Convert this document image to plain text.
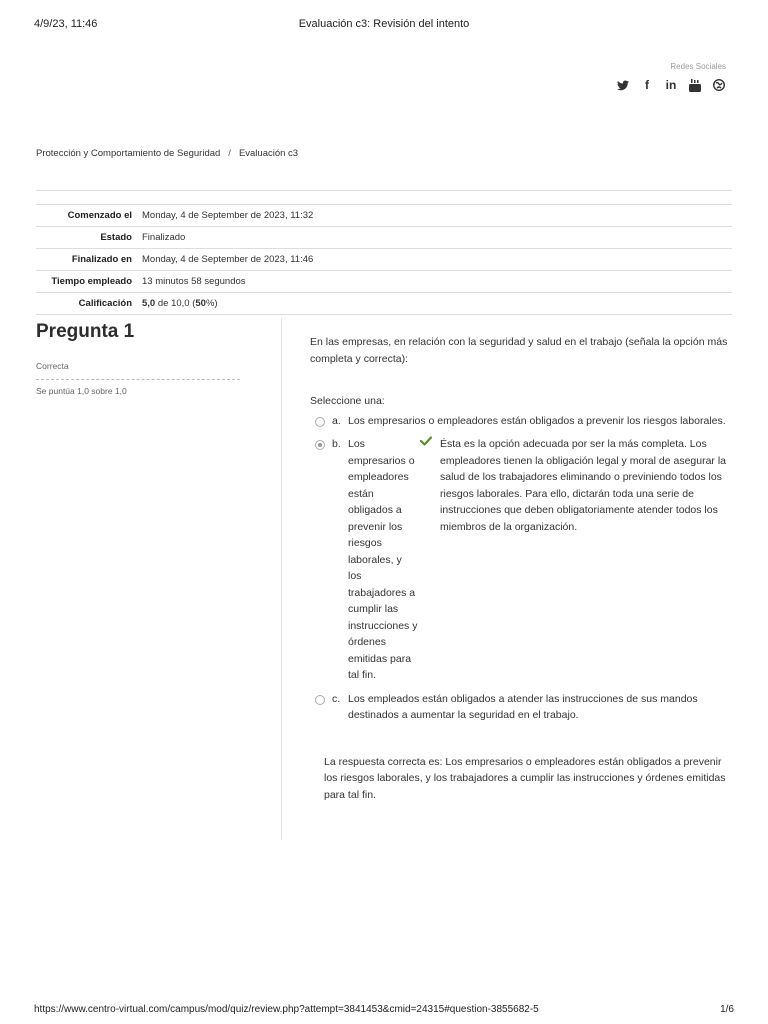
4/9/23, 11:46	Evaluación c3: Revisión del intento
Redes Sociales
f	in
Protección y Comportamiento de Seguridad / Evaluación c3
Comenzado el	Monday, 4 de September de 2023, 11:32
Estado	Finalizado
Finalizado en	Monday, 4 de September de 2023, 11:46
Tiempo empleado	13 minutos 58 segundos
Calificación	5,0 de 10,0 (50%)
Pregunta 1
Correcta
Se puntúa 1,0 sobre 1,0

En las empresas, en relación con la seguridad y salud en el trabajo (señala la opción más completa y correcta):

Seleccione una:
a. Los empresarios o empleadores están obligados a prevenir los riesgos laborales.
b. Los empresarios o empleadores están obligados a prevenir los riesgos laborales, y los trabajadores a cumplir las instrucciones y órdenes emitidas para tal fin.
Ésta es la opción adecuada por ser la más completa. Los empleadores tienen la obligación legal y moral de asegurar la salud de los trabajadores eliminando o previniendo todos los riesgos laborales. Para ello, dictarán toda una serie de instrucciones que deben obligatoriamente atender todos los miembros de la organización.
c. Los empleados están obligados a atender las instrucciones de sus mandos destinados a aumentar la seguridad en el trabajo.
La respuesta correcta es: Los empresarios o empleadores están obligados a prevenir los riesgos laborales, y los trabajadores a cumplir las instrucciones y órdenes emitidas para tal fin.
https://www.centro-virtual.com/campus/mod/quiz/review.php?attempt=3841453&cmid=24315#question-3855682-5	1/6
